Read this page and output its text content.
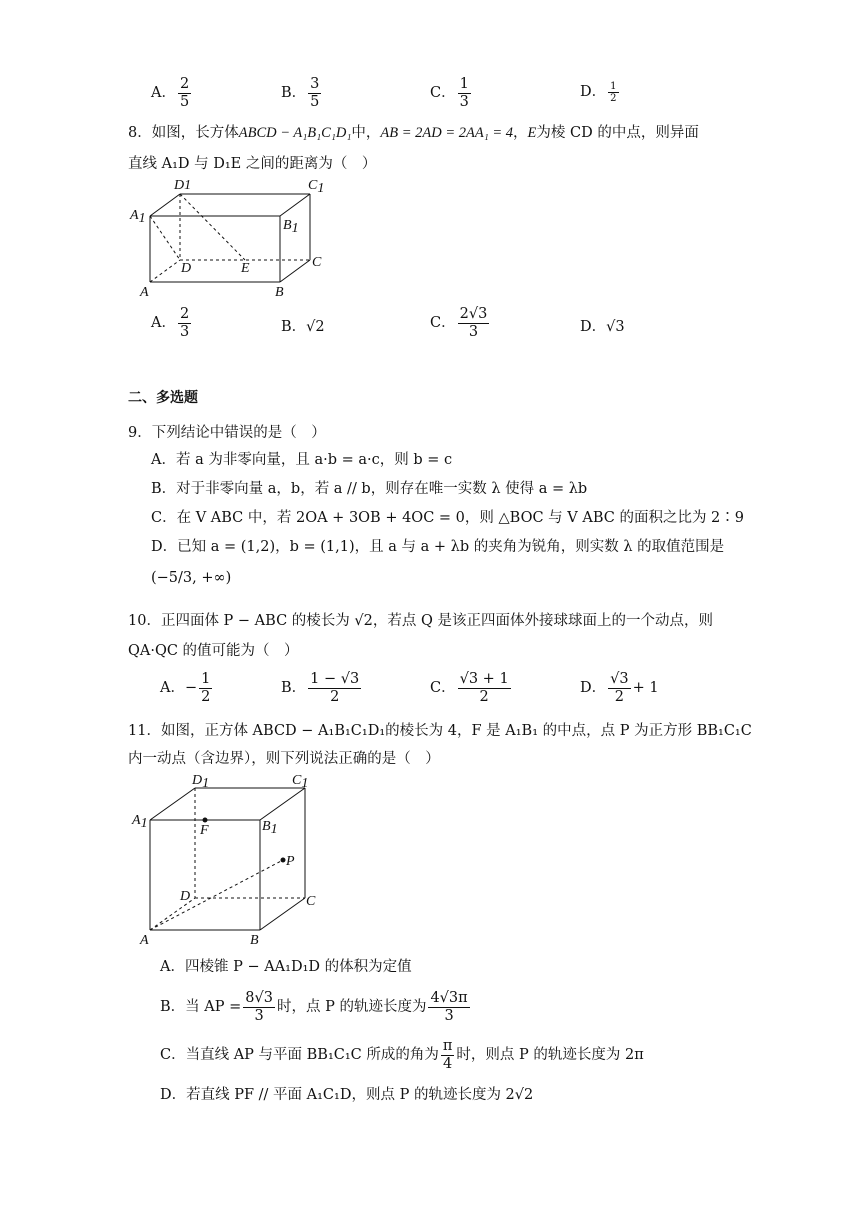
A． $\frac{2}{5}$	B． $\frac{3}{5}$	C． $\frac{1}{3}$	D． $\frac{1}{2}$
8．如图，长方体ABCD − A₁B₁C₁D₁中，AB = 2AD = 2AA₁ = 4，E为棱 CD 的中点，则异面
直线 A₁D 与 D₁E 之间的距离为（　）
D1	C1
A1	B1
D	E	C
A	B
A． $\frac{2}{3}$	B．√2	C． $\frac{2√3}{3}$	D．√3
二、多选题
9．下列结论中错误的是（　）
A．若 a 为非零向量，且 a·b = a·c，则 b = c
B．对于非零向量 a，b，若 a // b，则存在唯一实数 λ 使得 a = λb
C．在 V ABC 中，若 2OA + 3OB + 4OC = 0，则 △BOC 与 V ABC 的面积之比为 2∶9
D．已知 a = (1,2)，b = (1,1)，且 a 与 a + λb 的夹角为锐角，则实数 λ 的取值范围是
(−5/3, +∞)
10．正四面体 P − ABC 的棱长为 √2，若点 Q 是该正四面体外接球球面上的一个动点，则
QA·QC 的值可能为（　）
A．− $\frac{1}{2}$	B． $\frac{1 - √3}{2}$	C． $\frac{√3 + 1}{2}$	D． $\frac{√3}{2} + 1$
11．如图，正方体 ABCD − A₁B₁C₁D₁的棱长为 4，F 是 A₁B₁ 的中点，点 P 为正方形 BB₁C₁C
内一动点（含边界），则下列说法正确的是（　）
D1	C1
A1	F	B1
P
D	C
A	B
A．四棱锥 P − AA₁D₁D 的体积为定值
B．当 AP = $\frac{8√3}{3}$ 时，点 P 的轨迹长度为 $\frac{4√3\pi}{3}$
C．当直线 AP 与平面 BB₁C₁C 所成的角为 $\frac{\pi}{4}$ 时，则点 P 的轨迹长度为 2π
D．若直线 PF // 平面 A₁C₁D，则点 P 的轨迹长度为 2√2
